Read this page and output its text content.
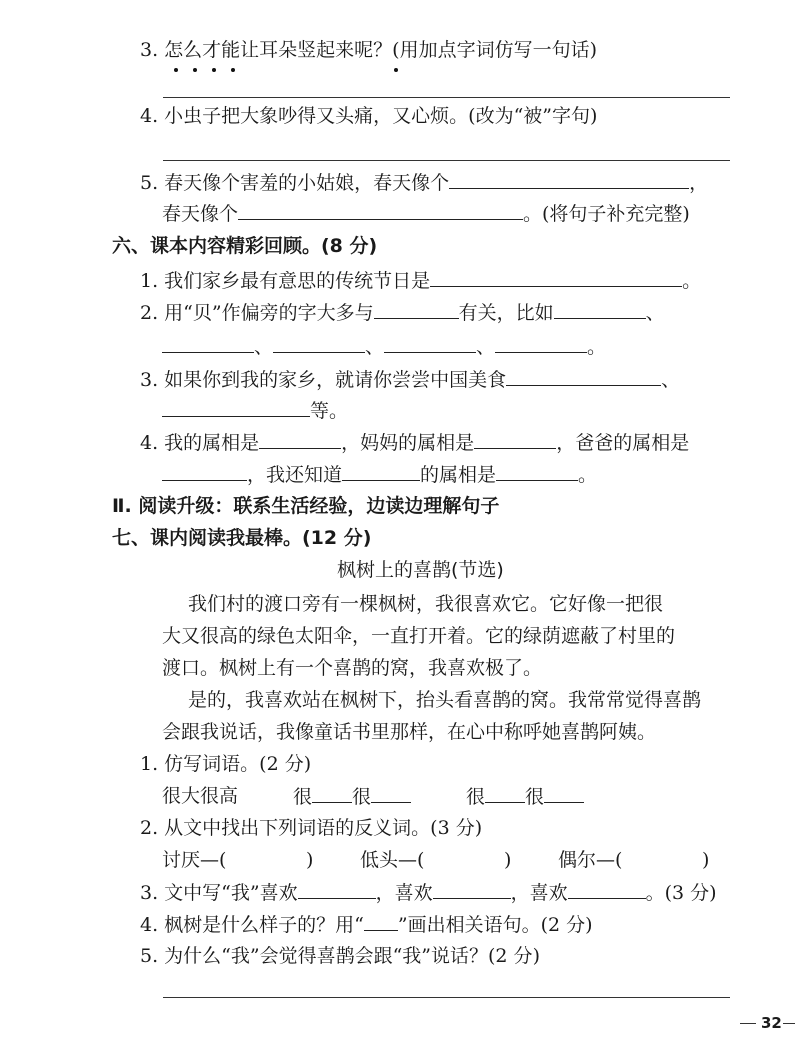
3. 怎么才能让耳朵竖起来呢？(用加点字词仿写一句话)
4. 小虫子把大象吵得又头痛，又心烦。(改为“被”字句)
5. 春天像个害羞的小姑娘，春天像个	，
春天像个	。(将句子补充完整)
六、课本内容精彩回顾。(8 分)
1. 我们家乡最有意思的传统节日是	。
2. 用“贝”作偏旁的字大多与	有关，比如	、
、	、	、	。
3. 如果你到我的家乡，就请你尝尝中国美食	、
等。
4. 我的属相是	，妈妈的属相是	，爸爸的属相是
，我还知道	的属相是	。
Ⅱ. 阅读升级：联系生活经验，边读边理解句子
七、课内阅读我最棒。(12 分)
枫树上的喜鹊(节选)
我们村的渡口旁有一棵枫树，我很喜欢它。它好像一把很
大又很高的绿色太阳伞，一直打开着。它的绿荫遮蔽了村里的
渡口。枫树上有一个喜鹊的窝，我喜欢极了。
是的，我喜欢站在枫树下，抬头看喜鹊的窝。我常常觉得喜鹊
会跟我说话，我像童话书里那样，在心中称呼她喜鹊阿姨。
1. 仿写词语。(2 分)
很大很高	很 很	很 很
2. 从文中找出下列词语的反义词。(3 分)
讨厌—(	) 低头—(	) 偶尔—(	)
3. 文中写“我”喜欢	，喜欢	，喜欢	。(3 分)
4. 枫树是什么样子的？用“ ”画出相关语句。(2 分)
5. 为什么“我”会觉得喜鹊会跟“我”说话？(2 分)
32
